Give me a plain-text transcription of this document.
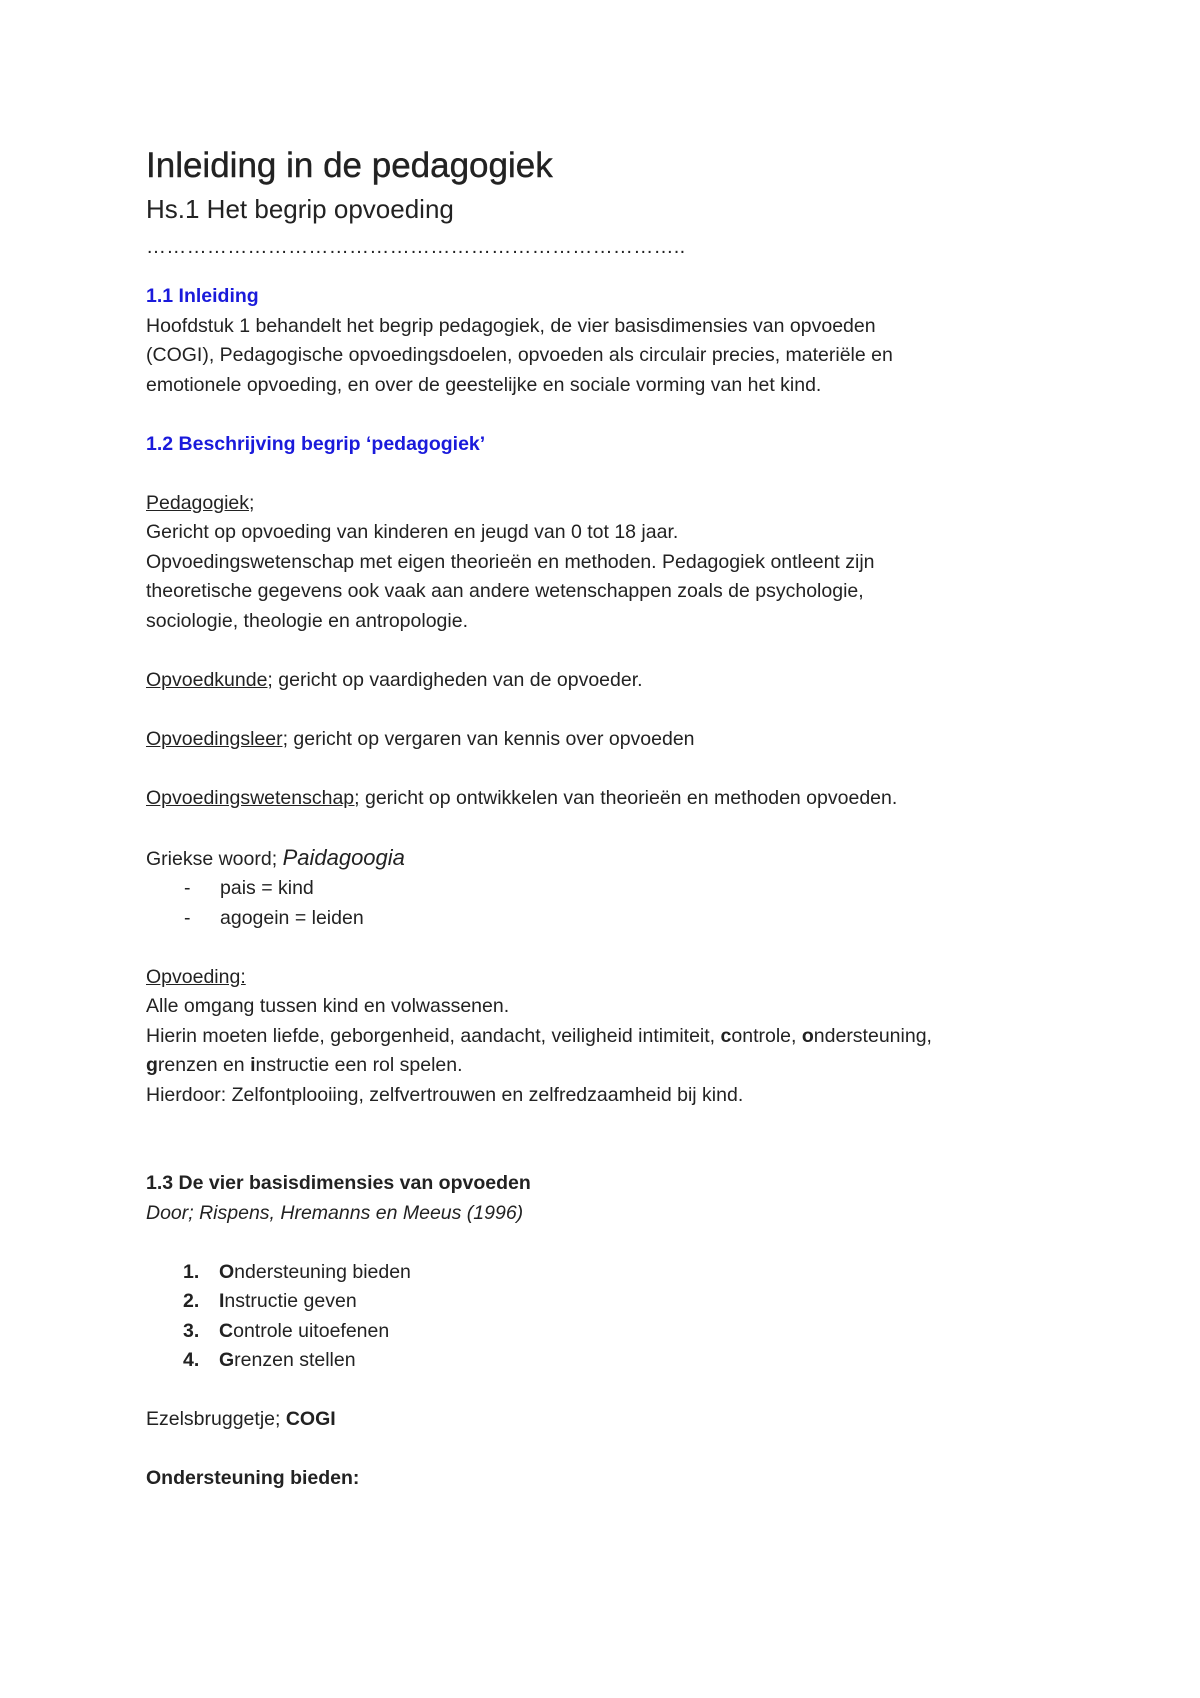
Inleiding in de pedagogiek
Hs.1 Het begrip opvoeding
……………………………………………………………………..
1.1 Inleiding

Hoofdstuk 1 behandelt het begrip pedagogiek, de vier basisdimensies van opvoeden

(COGI), Pedagogische opvoedingsdoelen, opvoeden als circulair precies, materiële en

emotionele opvoeding, en over de geestelijke en sociale vorming van het kind.

1.2 Beschrijving begrip ‘pedagogiek’

Pedagogiek;

Gericht op opvoeding van kinderen en jeugd van 0 tot 18 jaar.

Opvoedingswetenschap met eigen theorieën en methoden. Pedagogiek ontleent zijn

theoretische gegevens ook vaak aan andere wetenschappen zoals de psychologie,

sociologie, theologie en antropologie.

Opvoedkunde; gericht op vaardigheden van de opvoeder.

Opvoedingsleer; gericht op vergaren van kennis over opvoeden

Opvoedingswetenschap; gericht op ontwikkelen van theorieën en methoden opvoeden.

Griekse woord; Paidagoogia

- pais = kind
- agogein = leiden

Opvoeding:

Alle omgang tussen kind en volwassenen.

Hierin moeten liefde, geborgenheid, aandacht, veiligheid intimiteit, controle, ondersteuning,

grenzen en instructie een rol spelen.

Hierdoor: Zelfontplooiing, zelfvertrouwen en zelfredzaamheid bij kind.

1.3 De vier basisdimensies van opvoeden

Door; Rispens, Hremanns en Meeus (1996)

1. Ondersteuning bieden
2. Instructie geven
3. Controle uitoefenen
4. Grenzen stellen

Ezelsbruggetje; COGI

Ondersteuning bieden:
